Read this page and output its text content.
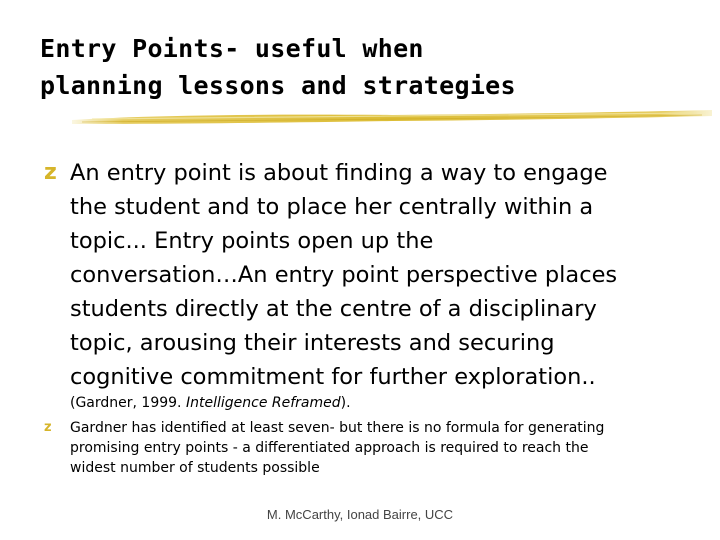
Entry Points- useful when
planning lessons and strategies
z An entry point is about finding a way to engage
the student and to place her centrally within a
topic... Entry points open up the
conversation…An entry point perspective places
students directly at the centre of a disciplinary
topic, arousing their interests and securing
cognitive commitment for further exploration..
(Gardner, 1999. Intelligence Reframed).
z Gardner has identified at least seven- but there is no formula for generating
promising entry points - a differentiated approach is required to reach the
widest number of students possible
M. McCarthy, Ionad Bairre, UCC
